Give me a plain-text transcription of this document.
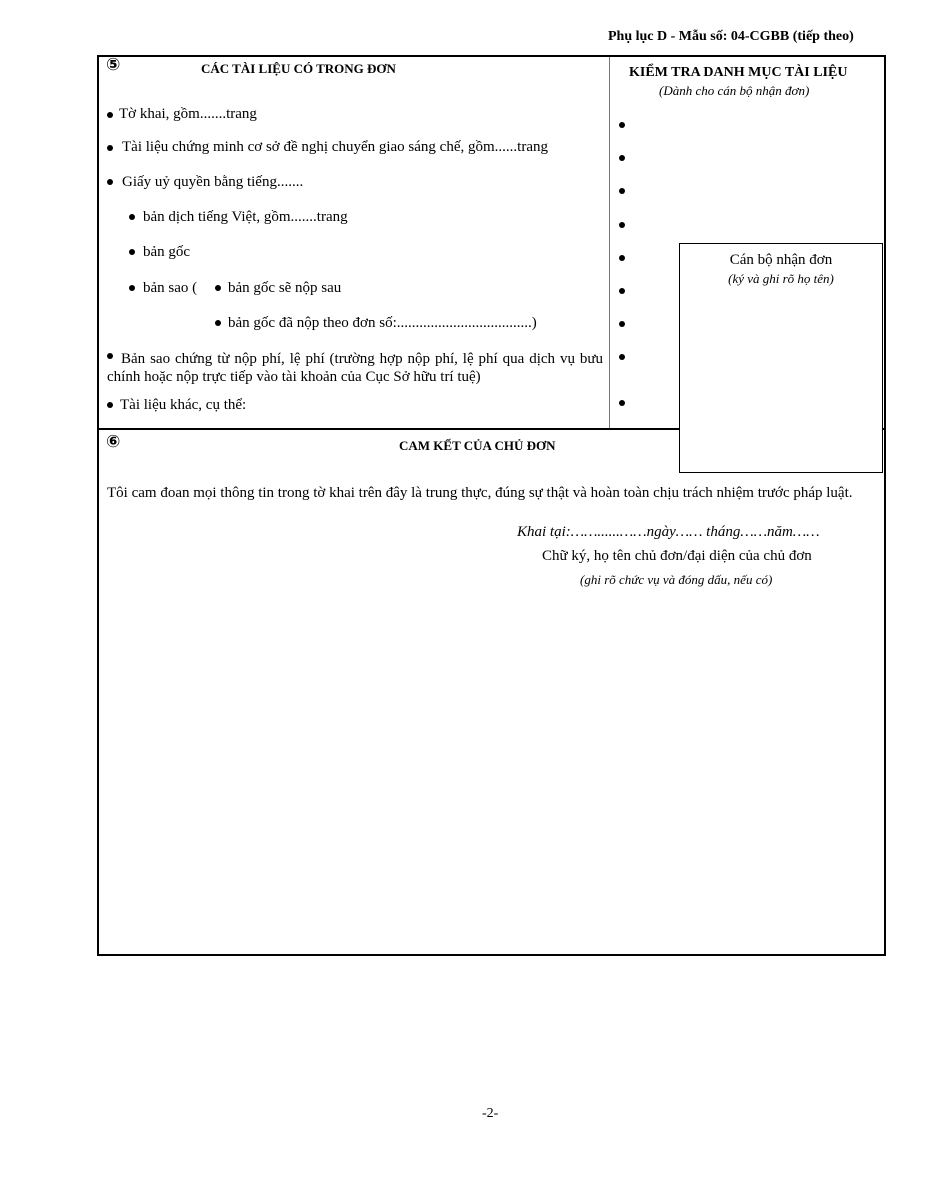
Phụ lục D - Mẫu số: 04-CGBB (tiếp theo)
⑤	CÁC TÀI LIỆU CÓ TRONG ĐƠN
Tờ khai, gồm.......trang
Tài liệu chứng minh cơ sở đề nghị chuyển giao sáng chế, gồm......trang
Giấy uỷ quyền bằng tiếng.......
bản dịch tiếng Việt, gồm.......trang
bản gốc
bản sao ( bản gốc sẽ nộp sau
bản gốc đã nộp theo đơn số:....................................)
Bản sao chứng từ nộp phí, lệ phí (trường hợp nộp phí, lệ phí qua dịch vụ bưu chính hoặc nộp trực tiếp vào tài khoản của Cục Sở hữu trí tuệ)
Tài liệu khác, cụ thể:
KIỂM TRA DANH MỤC TÀI LIỆU
(Dành cho cán bộ nhận đơn)
Cán bộ nhận đơn
(ký và ghi rõ họ tên)
⑥	CAM KẾT CỦA CHỦ ĐƠN
Tôi cam đoan mọi thông tin trong tờ khai trên đây là trung thực, đúng sự thật và hoàn toàn chịu trách nhiệm trước pháp luật.
Khai tại:……......……ngày…… tháng……năm……
Chữ ký, họ tên chủ đơn/đại diện của chủ đơn
(ghi rõ chức vụ và đóng dấu, nếu có)
-2-
